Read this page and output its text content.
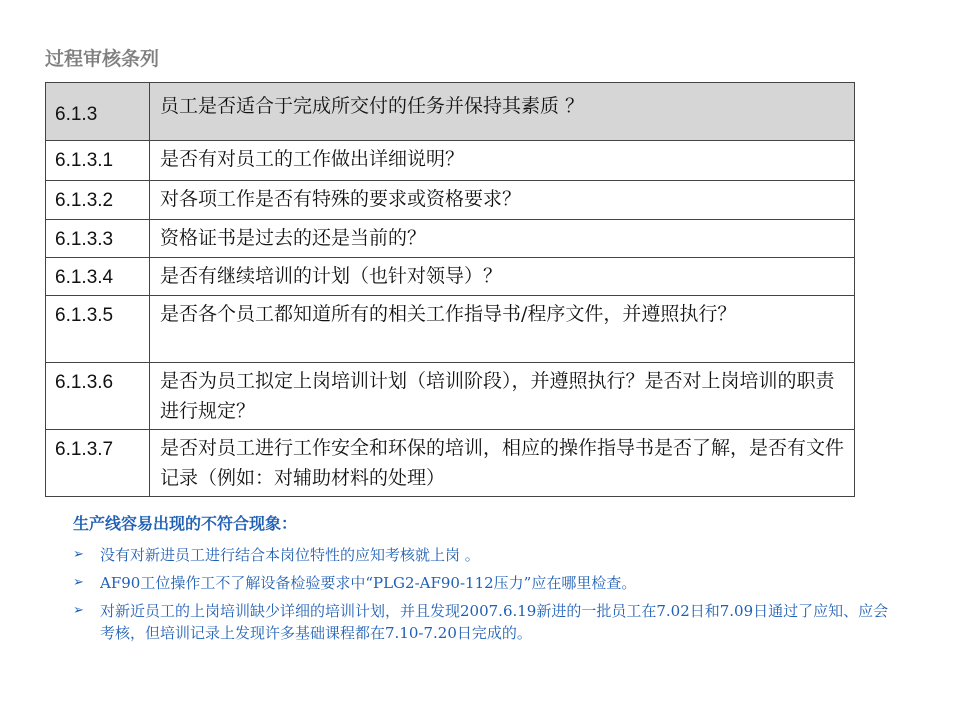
过程审核条列
6.1.3	员工是否适合于完成所交付的任务并保持其素质 ？
6.1.3.1	是否有对员工的工作做出详细说明？
6.1.3.2	对各项工作是否有特殊的要求或资格要求？
6.1.3.3	资格证书是过去的还是当前的？
6.1.3.4	是否有继续培训的计划（也针对领导）？
6.1.3.5	是否各个员工都知道所有的相关工作指导书/程序文件，并遵照执行？
6.1.3.6	是否为员工拟定上岗培训计划（培训阶段），并遵照执行？是否对上岗培训的职责进行规定？
6.1.3.7	是否对员工进行工作安全和环保的培训，相应的操作指导书是否了解，是否有文件记录（例如：对辅助材料的处理）
生产线容易出现的不符合现象：
➢ 没有对新进员工进行结合本岗位特性的应知考核就上岗 。
➢ AF90工位操作工不了解设备检验要求中“PLG2-AF90-112压力”应在哪里检查。
➢ 对新近员工的上岗培训缺少详细的培训计划，并且发现2007.6.19新进的一批员工在7.02日和7.09日通过了应知、应会考核，但培训记录上发现许多基础课程都在7.10-7.20日完成的。
